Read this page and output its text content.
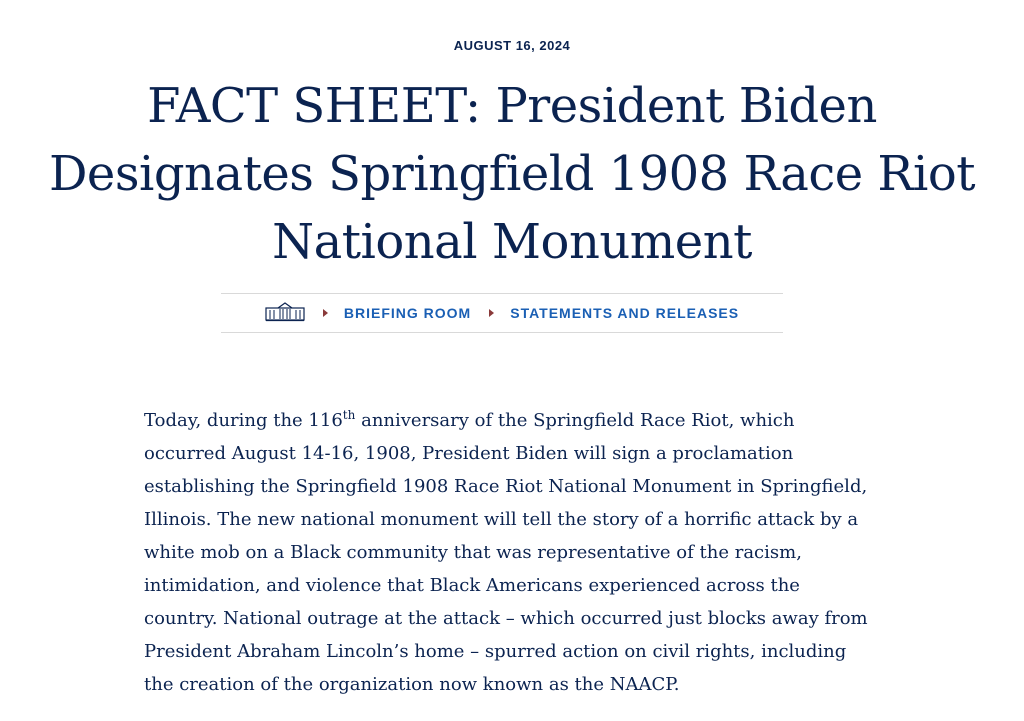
AUGUST 16, 2024
FACT SHEET: President Biden Designates Springfield 1908 Race Riot National Monument
BRIEFING ROOM	STATEMENTS AND RELEASES

Today, during the 116th anniversary of the Springfield Race Riot, which occurred August 14-16, 1908, President Biden will sign a proclamation establishing the Springfield 1908 Race Riot National Monument in Springfield, Illinois. The new national monument will tell the story of a horrific attack by a white mob on a Black community that was representative of the racism, intimidation, and violence that Black Americans experienced across the country. National outrage at the attack – which occurred just blocks away from President Abraham Lincoln’s home – spurred action on civil rights, including the creation of the organization now known as the NAACP.
